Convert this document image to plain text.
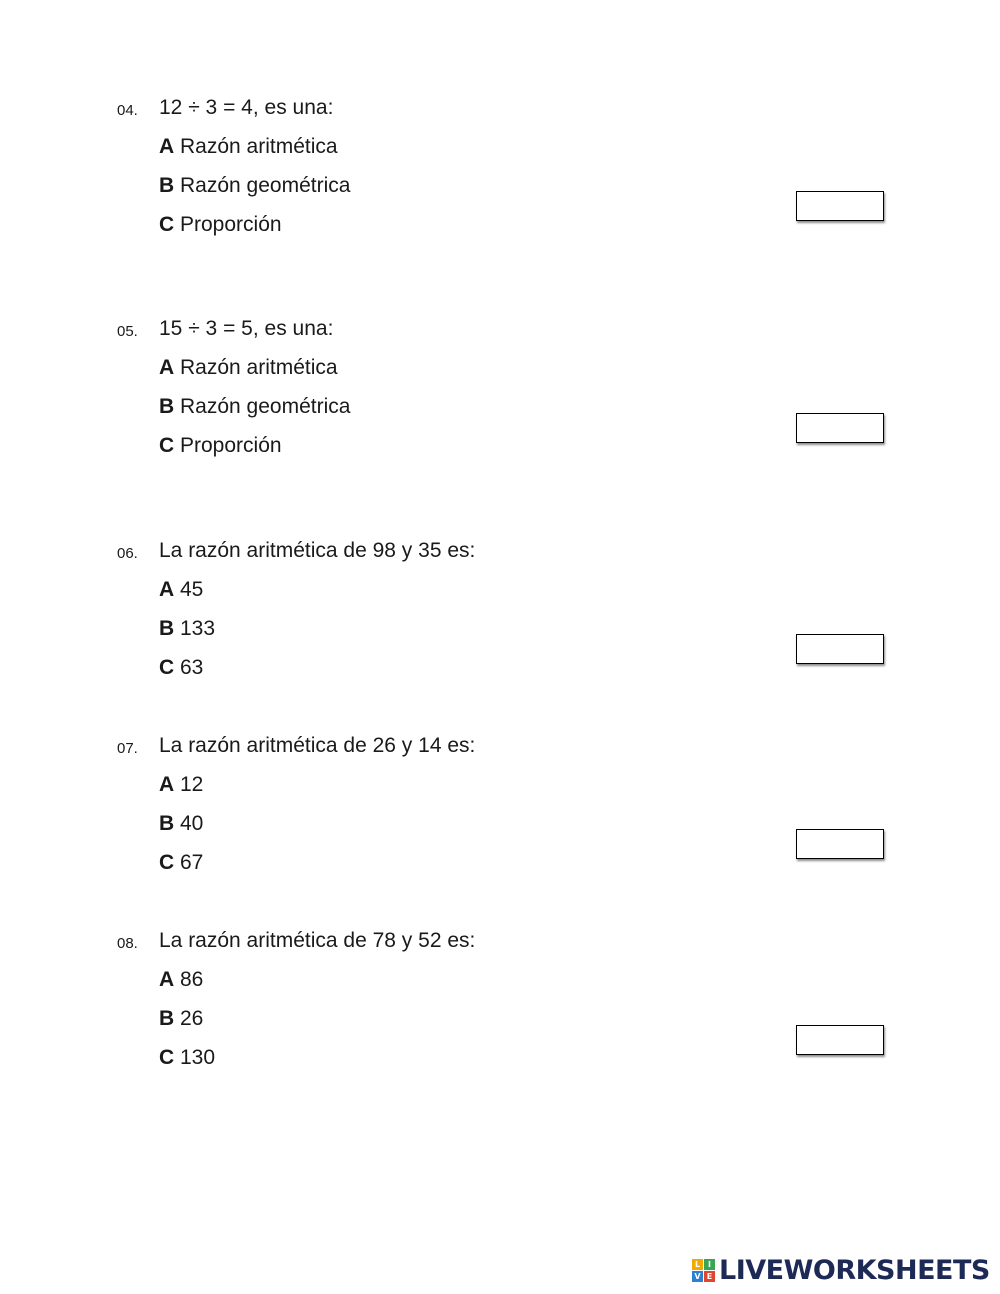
04. 12 ÷ 3 = 4, es una:
A Razón aritmética
B Razón geométrica
C Proporción
05. 15 ÷ 3 = 5, es una:
A Razón aritmética
B Razón geométrica
C Proporción
06. La razón aritmética de 98 y 35 es:
A 45
B 133
C 63
07. La razón aritmética de 26 y 14 es:
A 12
B 40
C 67
08. La razón aritmética de 78 y 52 es:
A 86
B 26
C 130
L I
V E LIVEWORKSHEETS
